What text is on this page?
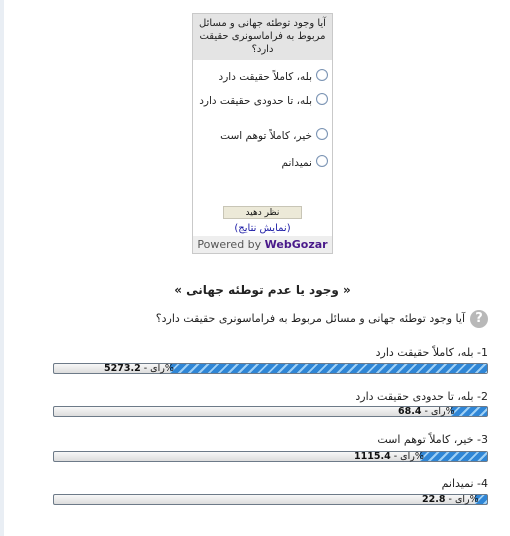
آیا وجود توطئه جهانی و مسائل مربوط به فراماسونری حقیقت دارد؟
بله، کاملاً حقیقت دارد
بله، تا حدودی حقیقت دارد
خیر، کاملاً توهم است
نمیدانم
نظر دهید
(نمایش نتایج)
Powered by WebGozar
« وجود یا عدم توطئه جهانی »
?
آیا وجود توطئه جهانی و مسائل مربوط به فراماسونری حقیقت دارد؟
1- بله، کاملاً حقیقت دارد
52	رای - 73.2	%
2- بله، تا حدودی حقیقت دارد
6	رای - 8.4	%
3- خیر، کاملاً توهم است
11	رای - 15.4	%
4- نمیدانم
2	رای - 2.8	%
